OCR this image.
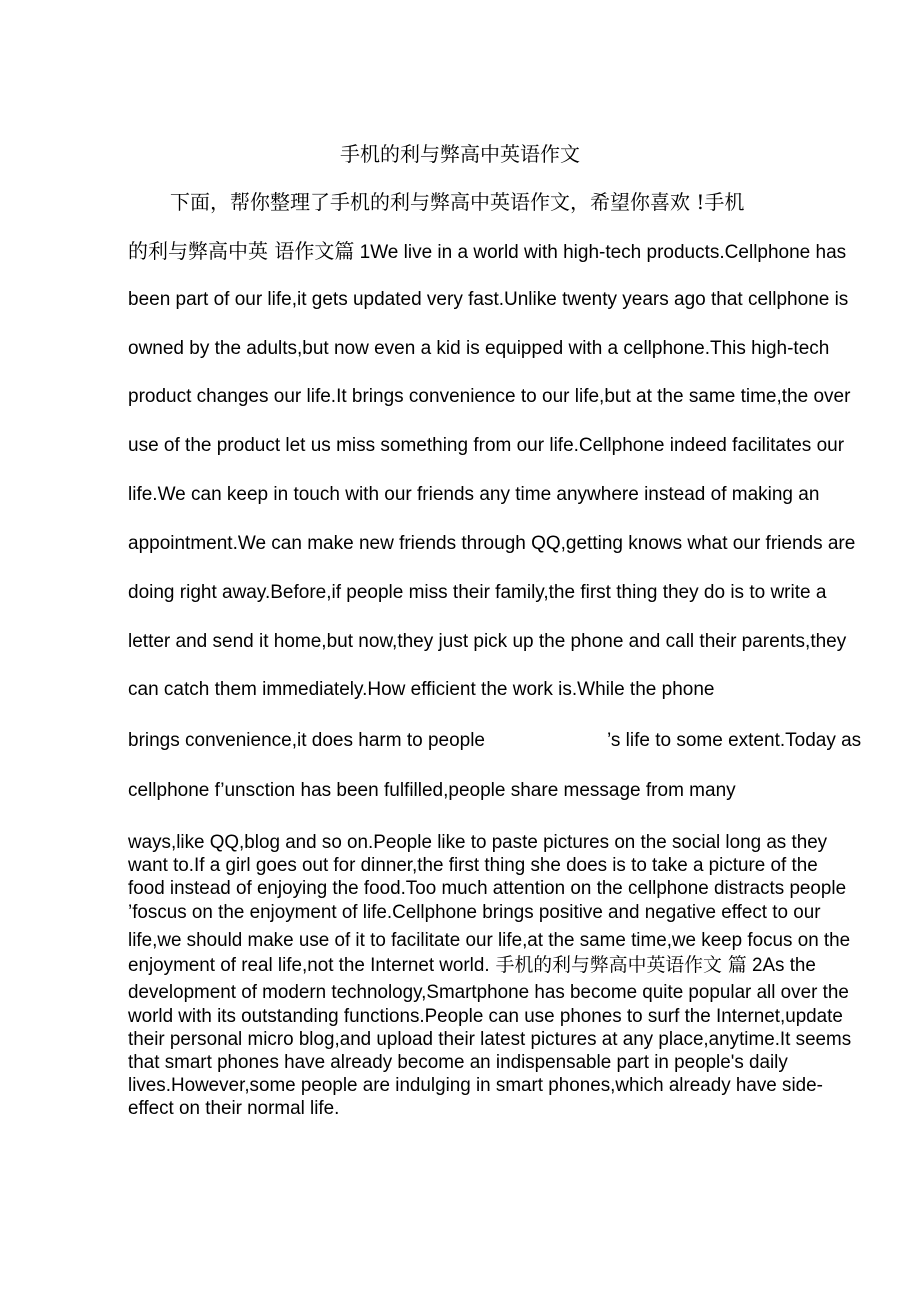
手机的利与弊高中英语作文
下面，帮你整理了手机的利与弊高中英语作文，希望你喜欢 !手机
的利与弊高中英 语作文篇 1We live in a world with high-tech products.Cellphone has
been part of our life,it gets updated very fast.Unlike twenty years ago that cellphone is
owned by the adults,but now even a kid is equipped with a cellphone.This high-tech
product changes our life.It brings convenience to our life,but at the same time,the over
use of the product let us miss something from our life.Cellphone indeed facilitates our
life.We can keep in touch with our friends any time anywhere instead of making an
appointment.We can make new friends through QQ,getting knows what our friends are
doing right away.Before,if people miss their family,the first thing they do is to write a
letter and send it home,but now,they just pick up the phone and call their parents,they
can catch them immediately.How efficient the work is.While the phone
brings convenience,it does harm to people	’s life to some extent.Today as
cellphone f’unsction has been fulfilled,people share message from many
ways,like QQ,blog and so on.People like to paste pictures on the social long as they
want to.If a girl goes out for dinner,the first thing she does is to take a picture of the
food instead of enjoying the food.Too much attention on the cellphone distracts people
’foscus on the enjoyment of life.Cellphone brings positive and negative effect to our
life,we should make use of it to facilitate our life,at the same time,we keep focus on the
enjoyment of real life,not the Internet world. 手机的利与弊高中英语作文 篇 2As the
development of modern technology,Smartphone has become quite popular all over the
world with its outstanding functions.People can use phones to surf the Internet,update
their personal micro blog,and upload their latest pictures at any place,anytime.It seems
that smart phones have already become an indispensable part in people's daily
lives.However,some people are indulging in smart phones,which already have side-
effect on their normal life.
